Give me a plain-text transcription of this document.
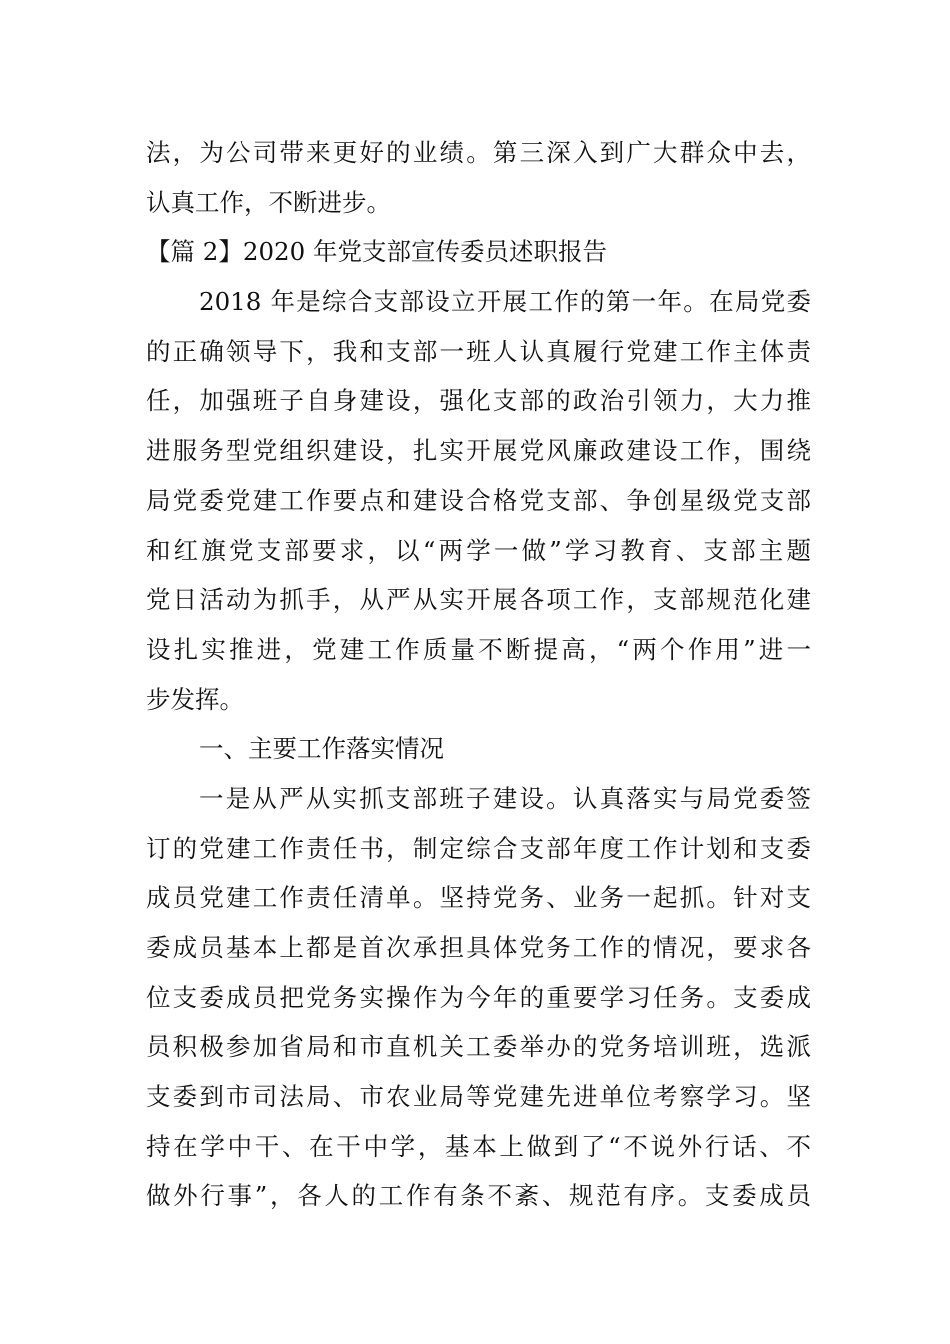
法，为公司带来更好的业绩。第三深入到广大群众中去，
认真工作，不断进步。
【篇 2】2020 年党支部宣传委员述职报告
2018 年是综合支部设立开展工作的第一年。在局党委
的正确领导下，我和支部一班人认真履行党建工作主体责
任，加强班子自身建设，强化支部的政治引领力，大力推
进服务型党组织建设，扎实开展党风廉政建设工作，围绕
局党委党建工作要点和建设合格党支部、争创星级党支部
和红旗党支部要求，以“两学一做”学习教育、支部主题
党日活动为抓手，从严从实开展各项工作，支部规范化建
设扎实推进，党建工作质量不断提高，“两个作用”进一
步发挥。
一、主要工作落实情况
一是从严从实抓支部班子建设。认真落实与局党委签
订的党建工作责任书，制定综合支部年度工作计划和支委
成员党建工作责任清单。坚持党务、业务一起抓。针对支
委成员基本上都是首次承担具体党务工作的情况，要求各
位支委成员把党务实操作为今年的重要学习任务。支委成
员积极参加省局和市直机关工委举办的党务培训班，选派
支委到市司法局、市农业局等党建先进单位考察学习。坚
持在学中干、在干中学，基本上做到了“不说外行话、不
做外行事”，各人的工作有条不紊、规范有序。支委成员
